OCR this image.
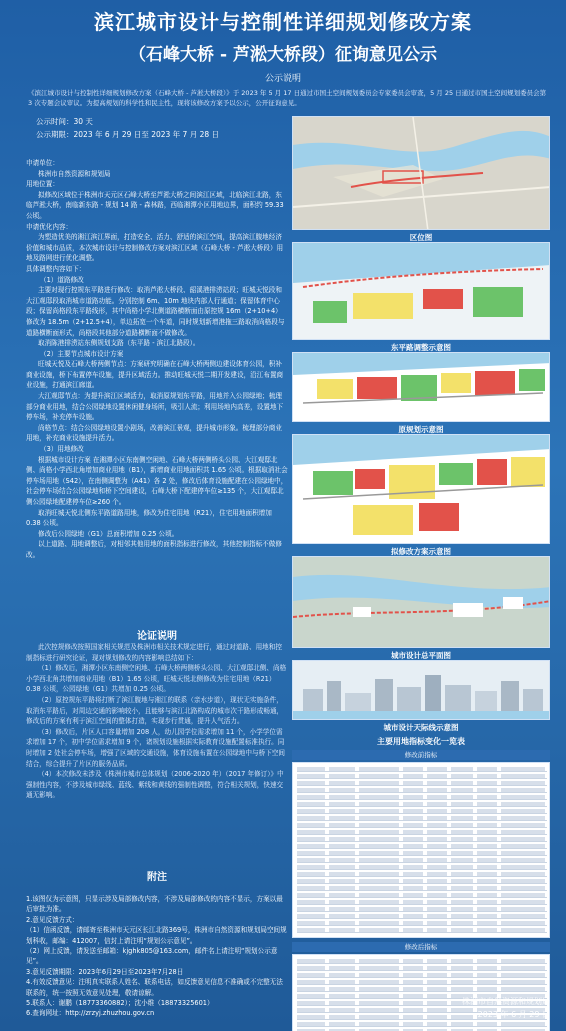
滨江城市设计与控制性详细规划修改方案
（石峰大桥 - 芦淞大桥段）征询意见公示
公示说明
《滨江城市设计与控制性详细规划修改方案（石峰大桥 - 芦淞大桥段）》于 2023 年 5 月 17 日通过市国土空间规划委员会专家委员会审查，5 月 25 日通过市国土空间规划委员会第 3 次专题会议审议。为提高规划的科学性和民主性，现将该修改方案予以公示，公开征询意见。
公示时间：30 天
公示期限：2023 年 6 月 29 日至 2023 年 7 月 28 日

申请单位：

株洲市自然资源和规划局

用地位置：

拟修改区域位于株洲市天元区石峰大桥至芦淞大桥之间滨江区域，北临滨江北路，东临芦淞大桥，南临新东路 - 规划 14 路 - 森林路，西临湘潭小区用地边界，面积约 59.33 公顷。

申请优化内容：

为塑造优美的湘江滨江界面，打造安全、活力、舒适的滨江空间，提高滨江腹地经济价值和城市品质，本次城市设计与控制修改方案对滨江区域（石峰大桥 - 芦淞大桥段）用地及路网进行优化调整。

具体调整内容如下：

（1）道路修改

主要对现行控规东平路进行修改：取消芦淞大桥段、韶溪港排涝站段；旺城天悦段和大江观邸段取消城市道路功能。分别控制 6m、10m 地块内部人行通道；保留体育中心段；保留尚格段东平路线形，其中尚格小学北侧道路横断面由原控规 16m（2+10+4）修改为 18.5m（2+12.5+4），单边拓宽一个车道，同时规划新增港拖三路取消尚格段与道路横断面形式，尚格段其他部分道路横断面不做修改。

取消陈港排涝站东侧规划支路（东平路 - 滨江北路段）。

（2）主要节点城市设计方案

旺城天悦及石峰大桥两侧节点：方案研究明确在石峰大桥两侧边建设体育公园，积补商业设施，桥下布置停车设施，提升区域活力。推动旺城天悦二期开发建设，沿江布置商业设施，打通滨江廊道。

大江观邸节点：为提升滨江区域活力，取消原规划东平路，用地并入公园绿地；梳理部分商业用地，结合公园绿地设置休闲健身场所，吸引人流；利用场地内高差，设置地下停车场，补充停车设施。

尚格节点：结合公园绿地设置小剧场，改善滨江景观，提升城市形象。梳理部分商业用地，补充商业设施提升活力。

（3）用地修改

根据城市设计方案 在湘潭小区东南侧空闲地、石峰大桥两侧桥头公园、大江观邸北侧、尚格小学西北角增加商业用地（B1），新增商业用地面积共 1.65 公顷。根据取消社会停车场用地（S42），在南侧调整为（A41）各 2 处，修改后体育设施配建在公园绿地中，社会停车场结合公园绿地和桥下空间建设，石峰大桥下配建停车位≥135 个，大江观邸北侧公园绿地配建停车位≥260 个。

取消旺城天悦北侧东平路道路用地，修改为住宅用地（R21），住宅用地面积增加 0.38 公顷。

修改后公园绿地（G1）总面积增加 0.25 公顷。

以上道路、用地调整后，对相邻其他用地的面积指标进行修改，其他控制指标不做修改。

论证说明

此次控规修改按照国家相关规范及株洲市相关技术规定进行，通过对道路、用地和控制指标进行研究论证，现对规划修改的内容影响总结如下：

（1）修改后，湘潭小区东南侧空闲地、石峰大桥两侧桥头公园、大江观邸北侧、尚格小学西北角共增加商业用地（B1）1.65 公顷，旺城天悦北侧修改为住宅用地（R21）0.38 公顷，公园绿地（G1）共增加 0.25 公顷。

（2）原控规东平路将打断了滨江腹地与湘江的联系（亲水步道），现状无实施条件，取消东平路后，对周边交通的影响较小，且能够与滨江北路构成的城市次干路形成畅通，修改后的方案有利于滨江空间的整体打造，实现步行贯通，提升人气活力。

（3）修改后，片区人口容量增加 208 人，幼儿园学位需求增加 11 个，小学学位需求增加 17 个，初中学位需求增加 9 个，诸规划设施根据实际教育设施配置标准执行。同时增加 2 处社会停车场，增强了区域的交通设施，体育设施布置在公园绿地中与桥下空间结合，综合提升了片区的服务品质。

（4）本次修改未涉及《株洲市城市总体规划（2006-2020 年）（2017 年修订）》中强制性内容，不涉及城市绿线、蓝线、紫线和黄线的强制性调整，符合相关规划，快速交通无影响。

附注

1.该图仅为示意图，只显示涉及局部修改内容，不涉及局部修改的内容不显示，方案以最后审批为准。

2.意见反馈方式：

（1）信函反馈，请邮寄至株洲市天元区长江北路369号，株洲市自然资源和规划局空间规划科收，邮编：412007，信封上请注明“规划公示意见”。

（2）网上反馈，请发送至邮箱：kjghk805@163.com，邮件名上请注明“规划公示意见”。

3.意见反馈期限：2023年6月29日至2023年7月28日

4.有效反馈意见：注明真实联系人姓名、联系电话，如反馈意见信息不准确或不完整无法联系的，统一按照无效意见处理，敬请谅解。

5.联系人：谢鹏（18773360882）；沈小维（18873325601）

6.查询网址：http://zrzyj.zhuzhou.gov.cn

区位图
东平路调整示意图
原规划示意图
拟修改方案示意图
城市设计总平面图
城市设计天际线示意图
主要用地指标变化一览表
修改前指标
修改后指标
株洲市自然资源和规划局
2023 年 6 月 29 日
